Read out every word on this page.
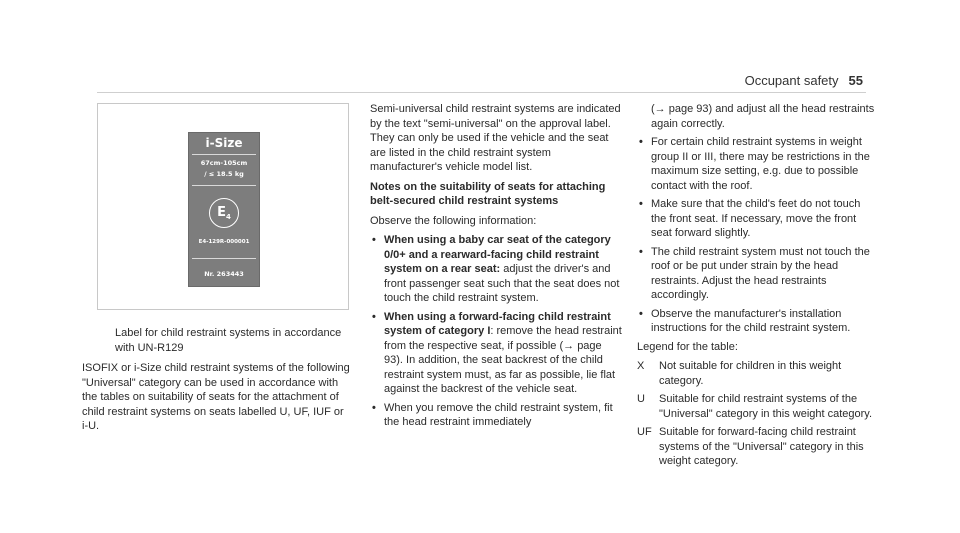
Occupant safety 55
i-Size
67cm-105cm
/ ≤ 18.5 kg
$E_4$
E4-129R-000001
Nr. 263443
Label for child restraint systems in accordance with UN-R129

ISOFIX or i-Size child restraint systems of the following "Universal" category can be used in accordance with the tables on suitability of seats for the attachment of child restraint systems on seats labelled U, UF, IUF or i-U.

Semi-universal child restraint systems are indicated by the text "semi-universal" on the approval label. They can only be used if the vehicle and the seat are listed in the child restraint system manufacturer's vehicle model list.

Notes on the suitability of seats for attaching belt-secured child restraint systems

Observe the following information:

• When using a baby car seat of the category 0/0+ and a rearward-facing child restraint system on a rear seat: adjust the driver's and front passenger seat such that the seat does not touch the child restraint system.
• When using a forward-facing child restraint system of category I: remove the head restraint from the respective seat, if possible (→ page 93). In addition, the seat backrest of the child restraint system must, as far as possible, lie flat against the backrest of the vehicle seat.
• When you remove the child restraint system, fit the head restraint immediately
(→ page 93) and adjust all the head restraints again correctly.
• For certain child restraint systems in weight group II or III, there may be restrictions in the maximum size setting, e.g. due to possible contact with the roof.
• Make sure that the child's feet do not touch the front seat. If necessary, move the front seat forward slightly.
• The child restraint system must not touch the roof or be put under strain by the head restraints. Adjust the head restraints accordingly.
• Observe the manufacturer's installation instructions for the child restraint system.

Legend for the table:

X	Not suitable for children in this weight category.
U	Suitable for child restraint systems of the "Universal" category in this weight category.
UF Suitable for forward-facing child restraint systems of the "Universal" category in this weight category.
